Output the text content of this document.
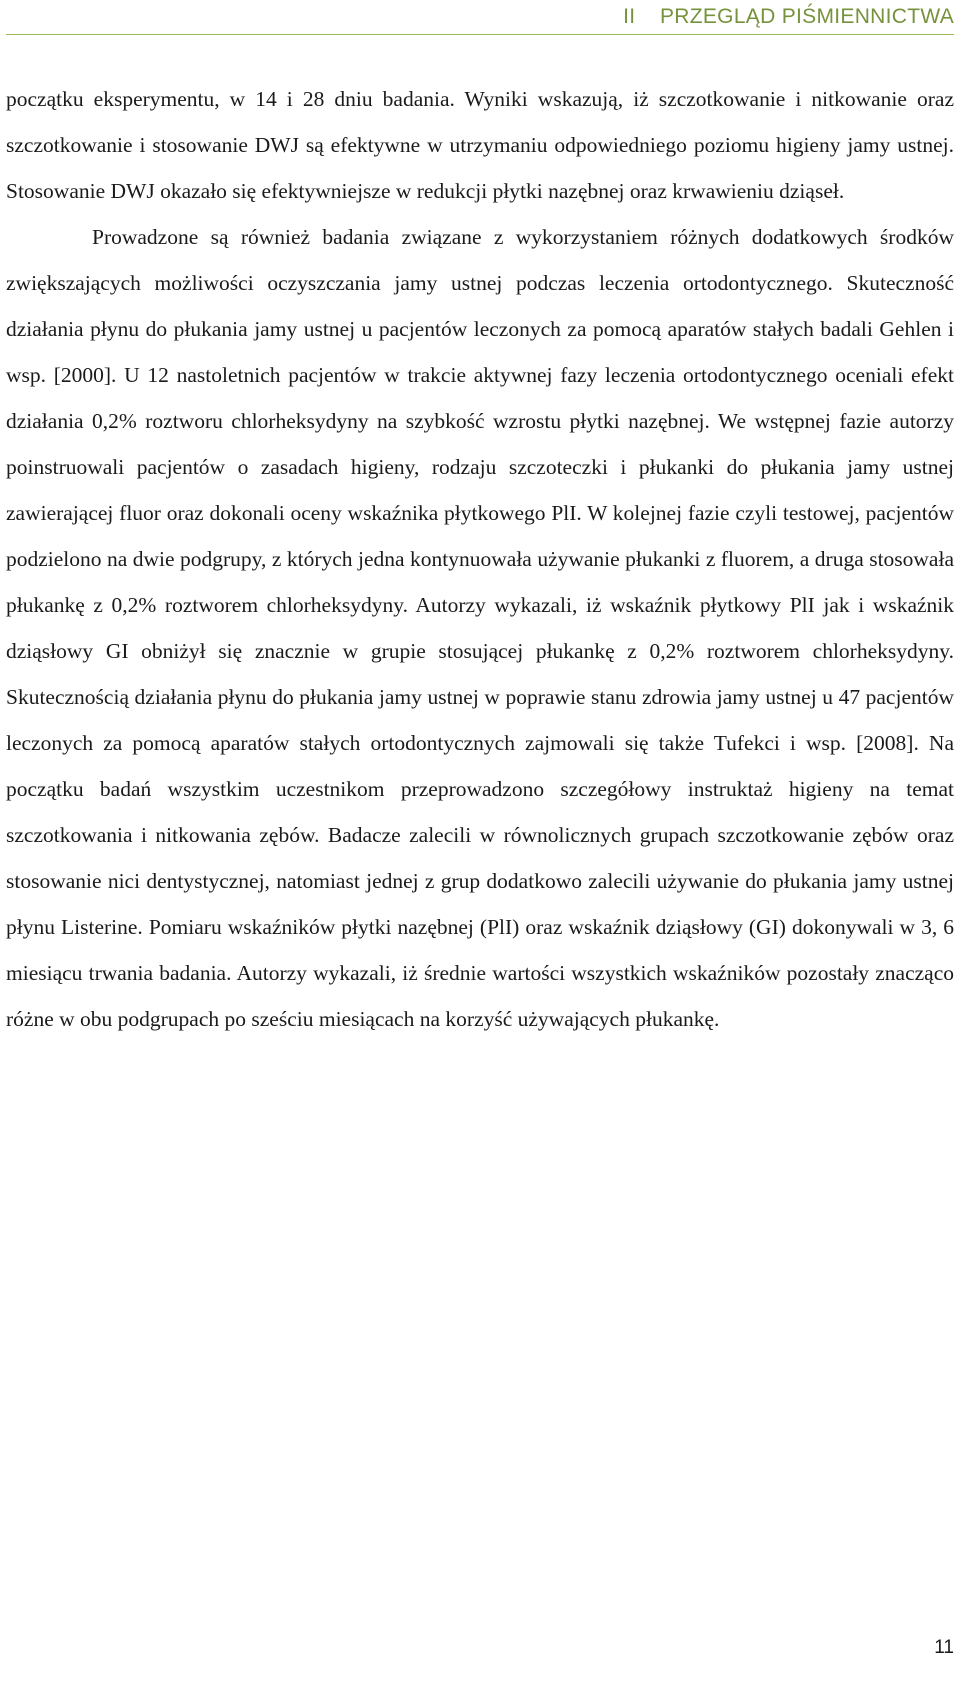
II    PRZEGLĄD PIŚMIENNICTWA

początku eksperymentu, w 14 i 28 dniu badania. Wyniki wskazują, iż szczotkowanie i nitkowanie oraz szczotkowanie i stosowanie DWJ są efektywne w utrzymaniu odpowiedniego poziomu higieny jamy ustnej. Stosowanie DWJ okazało się efektywniejsze w redukcji płytki nazębnej oraz krwawieniu dziąseł.

Prowadzone są również badania związane z wykorzystaniem różnych dodatkowych środków zwiększających możliwości oczyszczania jamy ustnej podczas leczenia ortodontycznego. Skuteczność działania płynu do płukania jamy ustnej u pacjentów leczonych za pomocą aparatów stałych badali Gehlen i wsp. [2000]. U 12 nastoletnich pacjentów w trakcie aktywnej fazy leczenia ortodontycznego oceniali efekt działania 0,2% roztworu chlorheksydyny na szybkość wzrostu płytki nazębnej. We wstępnej fazie autorzy poinstruowali pacjentów o zasadach higieny, rodzaju szczoteczki i płukanki do płukania jamy ustnej zawierającej fluor oraz dokonali oceny wskaźnika płytkowego PlI. W kolejnej fazie czyli testowej, pacjentów podzielono na dwie podgrupy, z których jedna kontynuowała używanie płukanki z fluorem, a druga stosowała płukankę z 0,2% roztworem chlorheksydyny. Autorzy wykazali, iż wskaźnik płytkowy PlI jak i wskaźnik dziąsłowy GI obniżył się znacznie w grupie stosującej płukankę z 0,2% roztworem chlorheksydyny. Skutecznością działania płynu do płukania jamy ustnej w poprawie stanu zdrowia jamy ustnej u 47 pacjentów leczonych za pomocą aparatów stałych ortodontycznych zajmowali się także Tufekci i wsp. [2008]. Na początku badań wszystkim uczestnikom przeprowadzono szczegółowy instruktaż higieny na temat szczotkowania i nitkowania zębów. Badacze zalecili w równolicznych grupach szczotkowanie zębów oraz stosowanie nici dentystycznej, natomiast jednej z grup dodatkowo zalecili używanie do płukania jamy ustnej płynu Listerine. Pomiaru wskaźników płytki nazębnej (PlI) oraz wskaźnik dziąsłowy (GI) dokonywali w 3, 6 miesiącu trwania badania. Autorzy wykazali, iż średnie wartości wszystkich wskaźników pozostały znacząco różne w obu podgrupach po sześciu miesiącach na korzyść używających płukankę.

11
